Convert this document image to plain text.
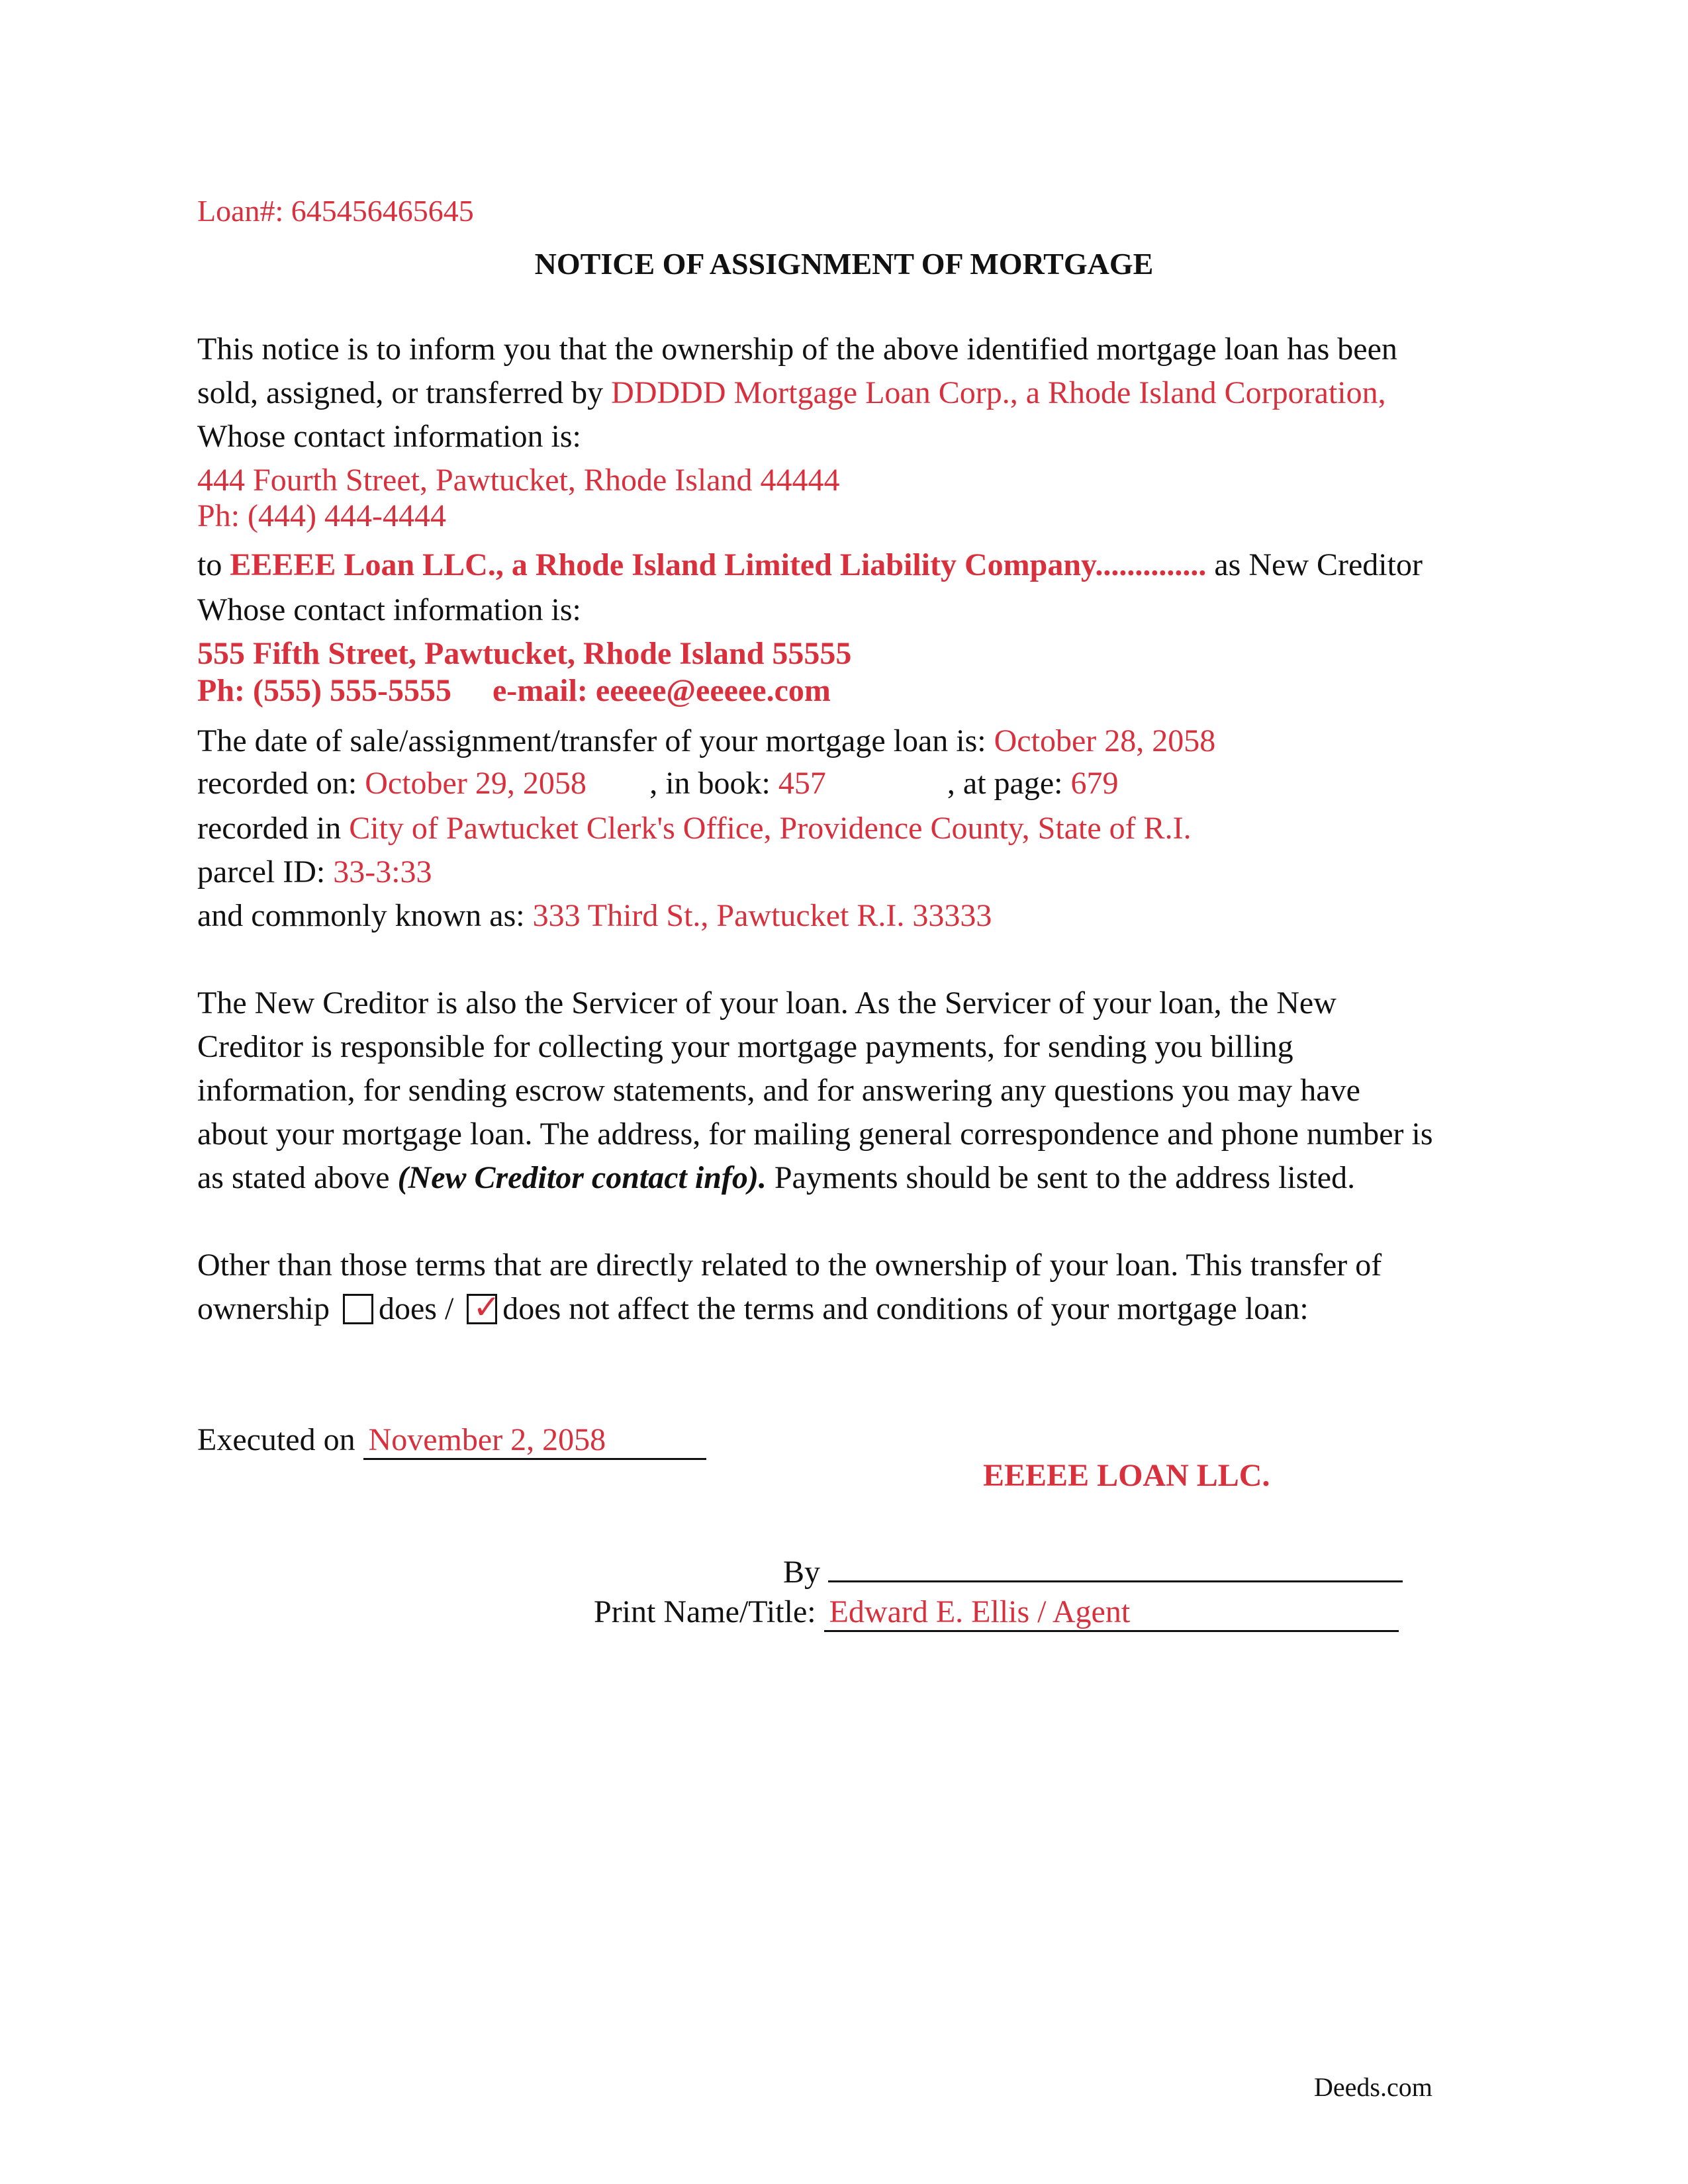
Loan#: 645456465645
NOTICE OF ASSIGNMENT OF MORTGAGE
This notice is to inform you that the ownership of the above identified mortgage loan has been
sold, assigned, or transferred by DDDDD Mortgage Loan Corp., a Rhode Island Corporation,
Whose contact information is:
444 Fourth Street, Pawtucket, Rhode Island 44444
Ph: (444) 444-4444
to EEEEE Loan LLC., a Rhode Island Limited Liability Company.............. as New Creditor
Whose contact information is:
555 Fifth Street, Pawtucket, Rhode Island 55555
Ph: (555) 555-5555 e-mail: eeeee@eeeee.com
The date of sale/assignment/transfer of your mortgage loan is: October 28, 2058
recorded on: October 29, 2058 , in book: 457	, at page: 679
recorded in City of Pawtucket Clerk's Office, Providence County, State of R.I.
parcel ID: 33-3:33
and commonly known as: 333 Third St., Pawtucket R.I. 33333
The New Creditor is also the Servicer of your loan. As the Servicer of your loan, the New
Creditor is responsible for collecting your mortgage payments, for sending you billing
information, for sending escrow statements, and for answering any questions you may have
about your mortgage loan. The address, for mailing general correspondence and phone number is
as stated above (New Creditor contact info). Payments should be sent to the address listed.
Other than those terms that are directly related to the ownership of your loan. This transfer of
ownership does / ✓ does not affect the terms and conditions of your mortgage loan:
Executed on November 2, 2058
EEEEE LOAN LLC.
By
Print Name/Title: Edward E. Ellis / Agent
Deeds.com
